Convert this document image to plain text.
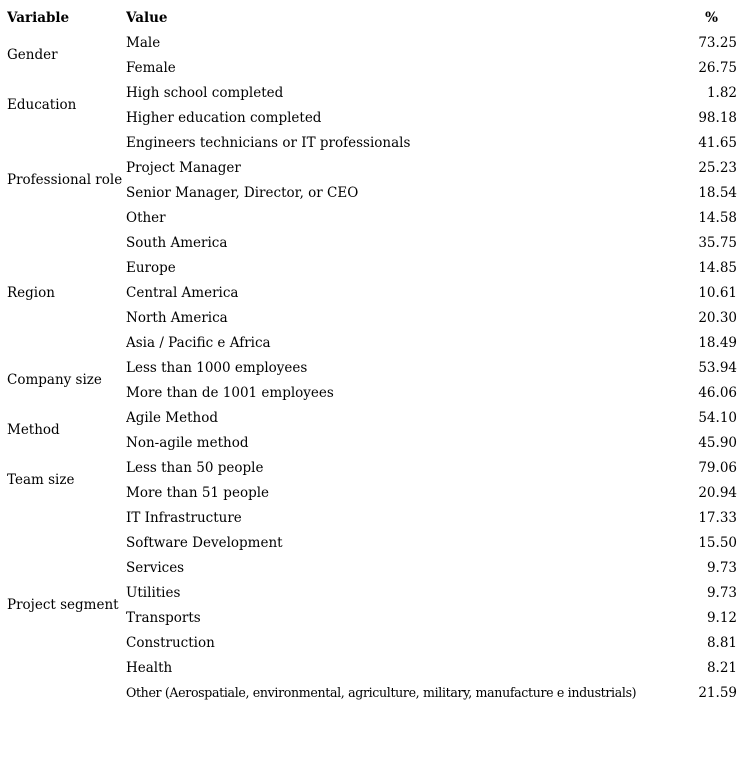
Variable	Value	%
Gender	Male	73.25
	Female	26.75
Education	High school completed	1.82
	Higher education completed	98.18
Professional role	Engineers technicians or IT professionals	41.65
	Project Manager	25.23
	Senior Manager, Director, or CEO	18.54
	Other	14.58
Region	South America	35.75
	Europe	14.85
	Central America	10.61
	North America	20.30
	Asia / Pacific e Africa	18.49
Company size	Less than 1000 employees	53.94
	More than de 1001 employees	46.06
Method	Agile Method	54.10
	Non-agile method	45.90
Team size	Less than 50 people	79.06
	More than 51 people	20.94
Project segment	IT Infrastructure	17.33
	Software Development	15.50
	Services	9.73
	Utilities	9.73
	Transports	9.12
	Construction	8.81
	Health	8.21
	Other (Aerospatiale, environmental, agriculture, military, manufacture e industrials)	21.59
